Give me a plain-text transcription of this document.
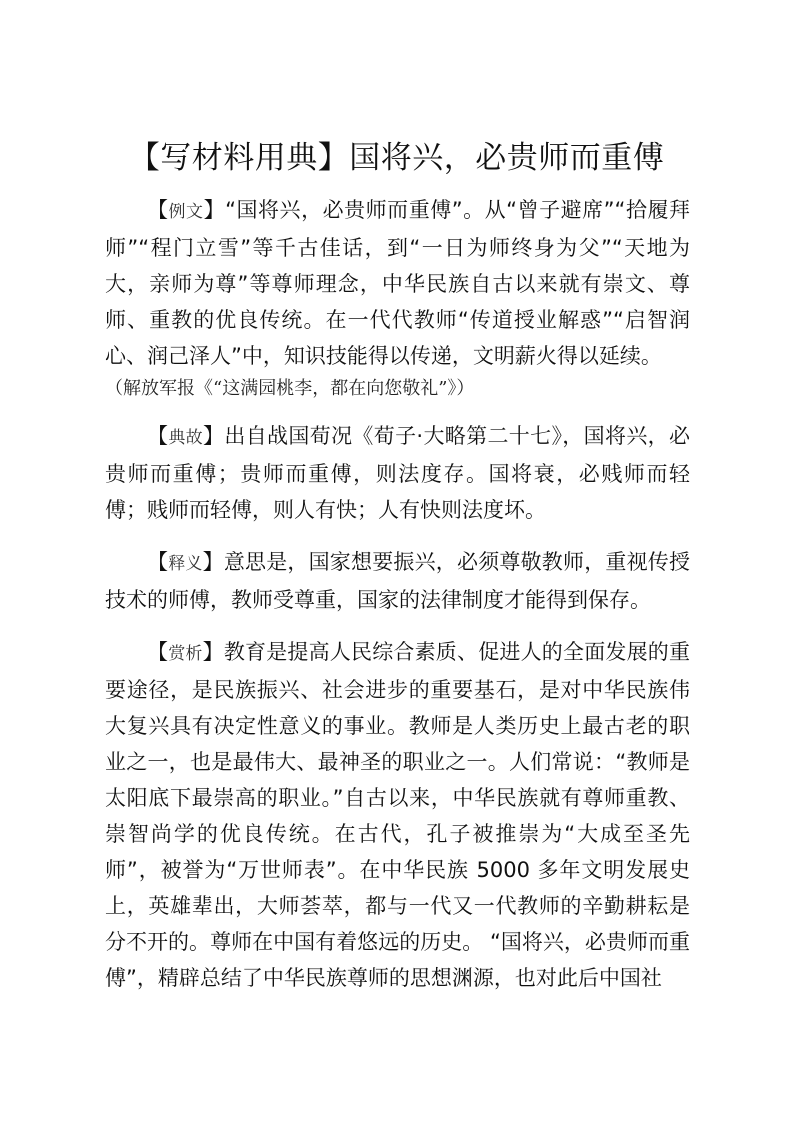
【写材料用典】国将兴，必贵师而重傅

【例文】“国将兴，必贵师而重傅”。从“曾子避席”“拾履拜师”“程门立雪”等千古佳话，到“一日为师终身为父”“天地为大，亲师为尊”等尊师理念，中华民族自古以来就有崇文、尊师、重教的优良传统。在一代代教师“传道授业解惑”“启智润心、润己泽人”中，知识技能得以传递，文明薪火得以延续。
（解放军报《“这满园桃李，都在向您敬礼”》）

【典故】出自战国荀况《荀子·大略第二十七》，国将兴，必贵师而重傅；贵师而重傅，则法度存。国将衰，必贱师而轻傅；贱师而轻傅，则人有快；人有快则法度坏。

【释义】意思是，国家想要振兴，必须尊敬教师，重视传授技术的师傅，教师受尊重，国家的法律制度才能得到保存。

【赏析】教育是提高人民综合素质、促进人的全面发展的重要途径，是民族振兴、社会进步的重要基石，是对中华民族伟大复兴具有决定性意义的事业。教师是人类历史上最古老的职业之一，也是最伟大、最神圣的职业之一。人们常说：“教师是太阳底下最崇高的职业。”自古以来，中华民族就有尊师重教、崇智尚学的优良传统。在古代，孔子被推崇为“大成至圣先师”，被誉为“万世师表”。在中华民族 5000 多年文明发展史上，英雄辈出，大师荟萃，都与一代又一代教师的辛勤耕耘是分不开的。尊师在中国有着悠远的历史。 “国将兴，必贵师而重傅”，精辟总结了中华民族尊师的思想渊源，也对此后中国社
